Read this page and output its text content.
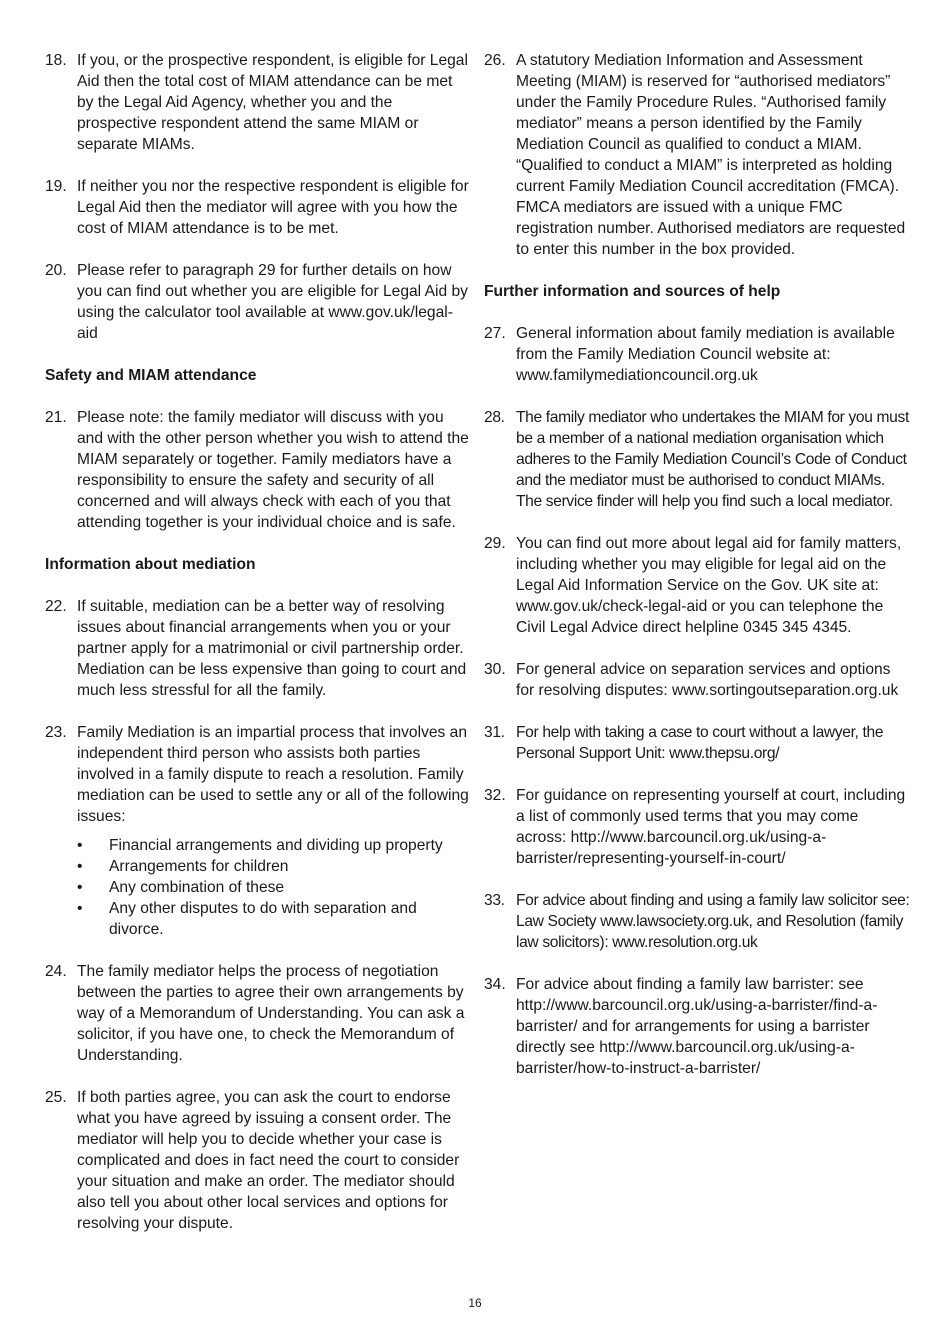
18. If you, or the prospective respondent, is eligible for Legal Aid then the total cost of MIAM attendance can be met by the Legal Aid Agency, whether you and the prospective respondent attend the same MIAM or separate MIAMs.
19. If neither you nor the respective respondent is eligible for Legal Aid then the mediator will agree with you how the cost of MIAM attendance is to be met.
20. Please refer to paragraph 29 for further details on how you can find out whether you are eligible for Legal Aid by using the calculator tool available at www.gov.uk/legal-aid
Safety and MIAM attendance
21. Please note: the family mediator will discuss with you and with the other person whether you wish to attend the MIAM separately or together. Family mediators have a responsibility to ensure the safety and security of all concerned and will always check with each of you that attending together is your individual choice and is safe.
Information about mediation
22. If suitable, mediation can be a better way of resolving issues about financial arrangements when you or your partner apply for a matrimonial or civil partnership order. Mediation can be less expensive than going to court and much less stressful for all the family.
23. Family Mediation is an impartial process that involves an independent third person who assists both parties involved in a family dispute to reach a resolution. Family mediation can be used to settle any or all of the following issues:
•	Financial arrangements and dividing up property
•	Arrangements for children
•	Any combination of these
•	Any other disputes to do with separation and divorce.
24. The family mediator helps the process of negotiation between the parties to agree their own arrangements by way of a Memorandum of Understanding. You can ask a solicitor, if you have one, to check the Memorandum of Understanding.
25. If both parties agree, you can ask the court to endorse what you have agreed by issuing a consent order. The mediator will help you to decide whether your case is complicated and does in fact need the court to consider your situation and make an order. The mediator should also tell you about other local services and options for resolving your dispute.
26. A statutory Mediation Information and Assessment Meeting (MIAM) is reserved for “authorised mediators” under the Family Procedure Rules. “Authorised family mediator” means a person identified by the Family Mediation Council as qualified to conduct a MIAM. “Qualified to conduct a MIAM” is interpreted as holding current Family Mediation Council accreditation (FMCA). FMCA mediators are issued with a unique FMC registration number. Authorised mediators are requested to enter this number in the box provided.
Further information and sources of help
27. General information about family mediation is available from the Family Mediation Council website at: www.familymediationcouncil.org.uk
28. The family mediator who undertakes the MIAM for you must be a member of a national mediation organisation which adheres to the Family Mediation Council’s Code of Conduct and the mediator must be authorised to conduct MIAMs. The service finder will help you find such a local mediator.
29. You can find out more about legal aid for family matters, including whether you may eligible for legal aid on the Legal Aid Information Service on the Gov. UK site at: www.gov.uk/check-legal-aid or you can telephone the Civil Legal Advice direct helpline 0345 345 4345.
30. For general advice on separation services and options for resolving disputes: www.sortingoutseparation.org.uk
31. For help with taking a case to court without a lawyer, the Personal Support Unit: www.thepsu.org/
32. For guidance on representing yourself at court, including a list of commonly used terms that you may come across: http://www.barcouncil.org.uk/using-a-barrister/representing-yourself-in-court/
33. For advice about finding and using a family law solicitor see: Law Society www.lawsociety.org.uk, and Resolution (family law solicitors): www.resolution.org.uk
34. For advice about finding a family law barrister: see http://www.barcouncil.org.uk/using-a-barrister/find-a-barrister/ and for arrangements for using a barrister directly see http://www.barcouncil.org.uk/using-a-barrister/how-to-instruct-a-barrister/
16
